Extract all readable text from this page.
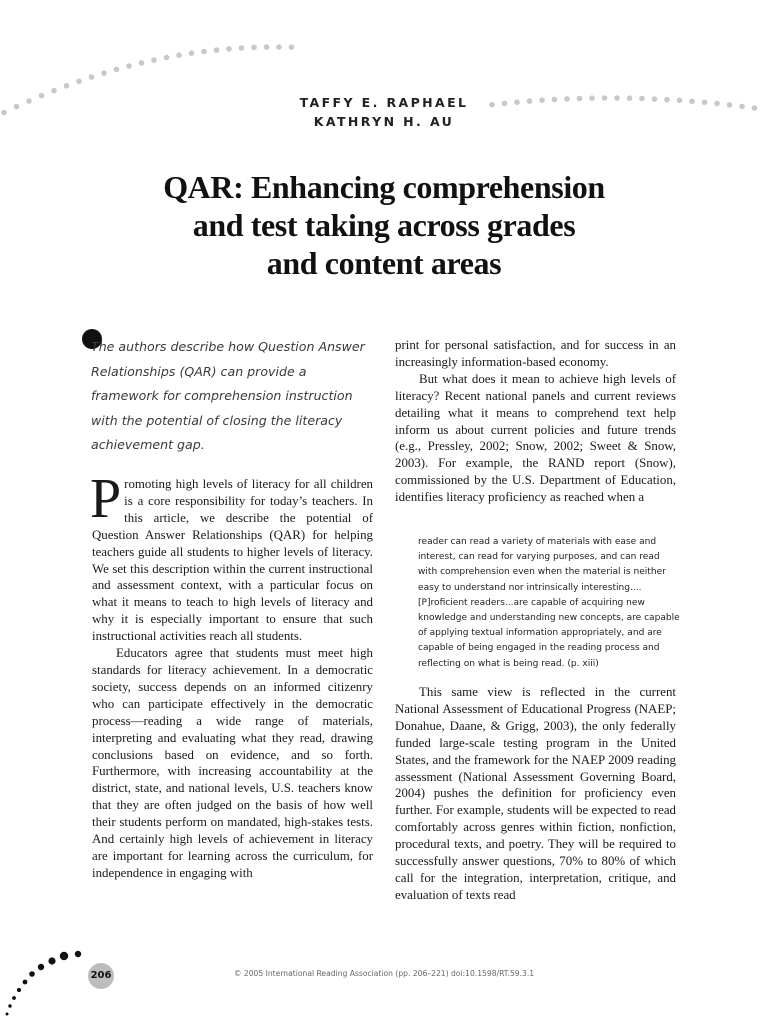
TAFFY E. RAPHAEL
KATHRYN H. AU
QAR: Enhancing comprehension
and test taking across grades
and content areas

The authors describe how Question Answer Relationships (QAR) can provide a framework for comprehension instruction with the potential of closing the literacy achievement gap.

Promoting high levels of literacy for all children is a core responsibility for today’s teachers. In this article, we describe the potential of Question Answer Relationships (QAR) for helping teachers guide all students to higher levels of literacy. We set this description within the current instructional and assessment context, with a particular focus on what it means to teach to high levels of literacy and why it is especially important to ensure that such instructional activities reach all students.

Educators agree that students must meet high standards for literacy achievement. In a democratic society, success depends on an informed citizenry who can participate effectively in the democratic process—reading a wide range of materials, interpreting and evaluating what they read, drawing conclusions based on evidence, and so forth. Furthermore, with increasing accountability at the district, state, and national levels, U.S. teachers know that they are often judged on the basis of how well their students perform on mandated, high-stakes tests. And certainly high levels of achievement in literacy are important for learning across the curriculum, for independence in engaging with

print for personal satisfaction, and for success in an increasingly information-based economy.

But what does it mean to achieve high levels of literacy? Recent national panels and current reviews detailing what it means to comprehend text help inform us about current policies and future trends (e.g., Pressley, 2002; Snow, 2002; Sweet & Snow, 2003). For example, the RAND report (Snow), commissioned by the U.S. Department of Education, identifies literacy proficiency as reached when a

reader can read a variety of materials with ease and interest, can read for varying purposes, and can read with comprehension even when the material is neither easy to understand nor intrinsically interesting.... [P]roficient readers...are capable of acquiring new knowledge and understanding new concepts, are capable of applying textual information appropriately, and are capable of being engaged in the reading process and reflecting on what is being read. (p. xiii)

This same view is reflected in the current National Assessment of Educational Progress (NAEP; Donahue, Daane, & Grigg, 2003), the only federally funded large-scale testing program in the United States, and the framework for the NAEP 2009 reading assessment (National Assessment Governing Board, 2004) pushes the definition for proficiency even further. For example, students will be expected to read comfortably across genres within fiction, nonfiction, procedural texts, and poetry. They will be required to successfully answer questions, 70% to 80% of which call for the integration, interpretation, critique, and evaluation of texts read

206	© 2005 International Reading Association (pp. 206–221) doi:10.1598/RT.59.3.1
